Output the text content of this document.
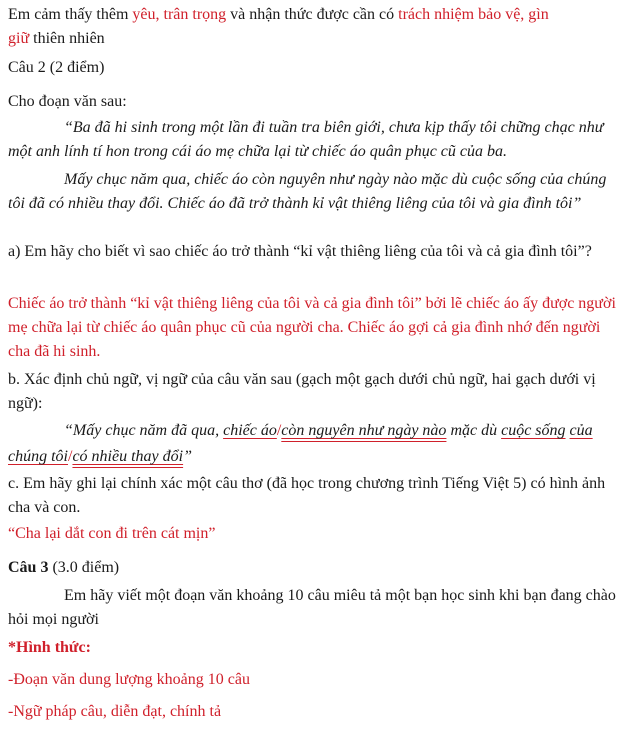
Em cảm thấy thêm yêu, trân trọng và nhận thức được cần có trách nhiệm bảo vệ, gìn
giữ thiên nhiên

Câu 2 (2 điểm)

Cho đoạn văn sau:

“Ba đã hi sinh trong một lần đi tuần tra biên giới, chưa kịp thấy tôi chững chạc như một anh lính tí hon trong cái áo mẹ chữa lại từ chiếc áo quân phục cũ của ba.

Mấy chục năm qua, chiếc áo còn nguyên như ngày nào mặc dù cuộc sống của chúng tôi đã có nhiều thay đổi. Chiếc áo đã trở thành kỉ vật thiêng liêng của tôi và gia đình tôi”

a) Em hãy cho biết vì sao chiếc áo trở thành “kỉ vật thiêng liêng của tôi và cả gia đình tôi”?

Chiếc áo trở thành “kỉ vật thiêng liêng của tôi và cả gia đình tôi” bởi lẽ chiếc áo ấy được người mẹ chữa lại từ chiếc áo quân phục cũ của người cha. Chiếc áo gợi cả gia đình nhớ đến người cha đã hi sinh.

b. Xác định chủ ngữ, vị ngữ của câu văn sau (gạch một gạch dưới chủ ngữ, hai gạch dưới vị ngữ):

“Mấy chục năm đã qua, chiếc áo/còn nguyên như ngày nào mặc dù cuộc sống của chúng tôi/có nhiều thay đổi”

c. Em hãy ghi lại chính xác một câu thơ (đã học trong chương trình Tiếng Việt 5) có hình ảnh cha và con.

“Cha lại dắt con đi trên cát mịn”

Câu 3 (3.0 điểm)

Em hãy viết một đoạn văn khoảng 10 câu miêu tả một bạn học sinh khi bạn đang chào hỏi mọi người

*Hình thức:

-Đoạn văn dung lượng khoảng 10 câu

-Ngữ pháp câu, diễn đạt, chính tả
